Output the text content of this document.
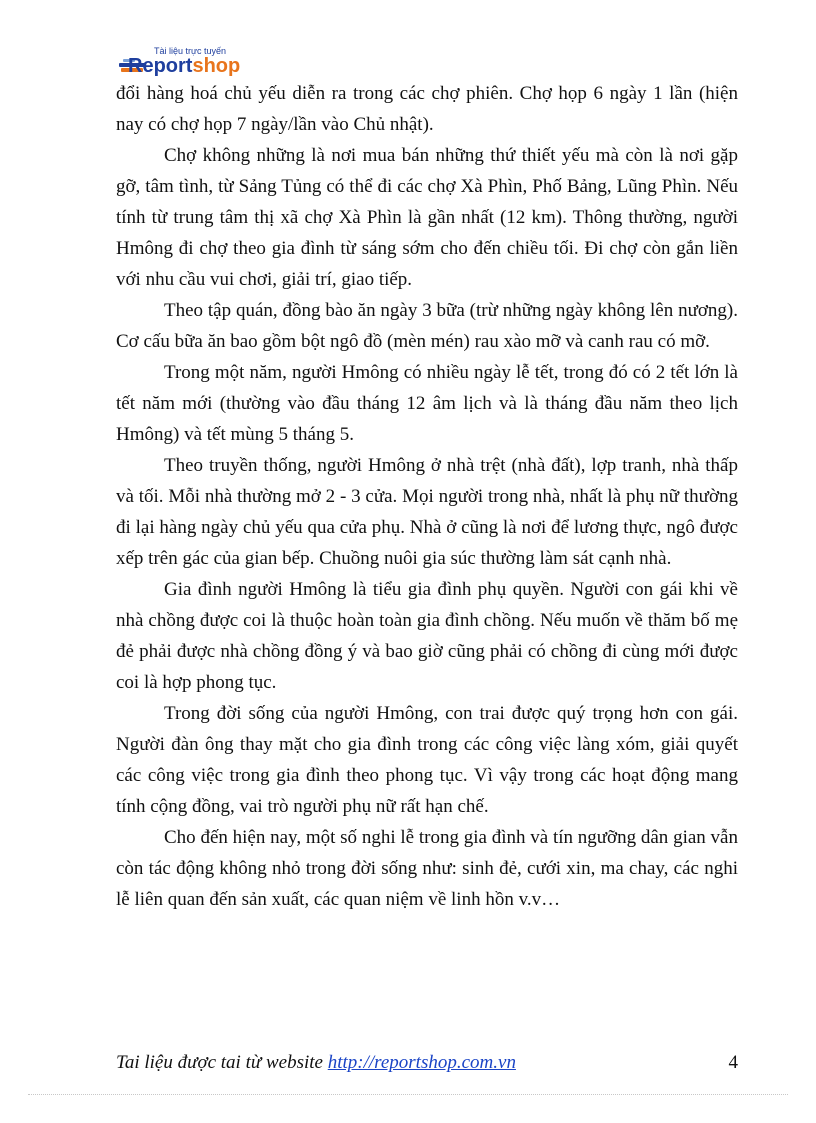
Tài liệu trực tuyến
Reportshop

đổi hàng hoá chủ yếu diễn ra trong các chợ phiên. Chợ họp 6 ngày 1 lần (hiện nay có chợ họp 7 ngày/lần vào Chủ nhật).

Chợ không những là nơi mua bán những thứ thiết yếu mà còn là nơi gặp gỡ, tâm tình, từ Sảng Tủng có thể đi các chợ Xà Phìn, Phố Bảng, Lũng Phìn. Nếu tính từ trung tâm thị xã chợ Xà Phìn là gần nhất (12 km). Thông thường, người Hmông đi chợ theo gia đình từ sáng sớm cho đến chiều tối. Đi chợ còn gắn liền với nhu cầu vui chơi, giải trí, giao tiếp.

Theo tập quán, đồng bào ăn ngày 3 bữa (trừ những ngày không lên nương). Cơ cấu bữa ăn bao gồm bột ngô đồ (mèn mén) rau xào mỡ và canh rau có mỡ.

Trong một năm, người Hmông có nhiều ngày lễ tết, trong đó có 2 tết lớn là tết năm mới (thường vào đầu tháng 12 âm lịch và là tháng đầu năm theo lịch Hmông) và tết mùng 5 tháng 5.

Theo truyền thống, người Hmông ở nhà trệt (nhà đất), lợp tranh, nhà thấp và tối. Mỗi nhà thường mở 2 - 3 cửa. Mọi người trong nhà, nhất là phụ nữ thường đi lại hàng ngày chủ yếu qua cửa phụ. Nhà ở cũng là nơi để lương thực, ngô được xếp trên gác của gian bếp. Chuồng nuôi gia súc thường làm sát cạnh nhà.

Gia đình người Hmông là tiểu gia đình phụ quyền. Người con gái khi về nhà chồng được coi là thuộc hoàn toàn gia đình chồng. Nếu muốn về thăm bố mẹ đẻ phải được nhà chồng đồng ý và bao giờ cũng phải có chồng đi cùng mới được coi là hợp phong tục.

Trong đời sống của người Hmông, con trai được quý trọng hơn con gái. Người đàn ông thay mặt cho gia đình trong các công việc làng xóm, giải quyết các công việc trong gia đình theo phong tục. Vì vậy trong các hoạt động mang tính cộng đồng, vai trò người phụ nữ rất hạn chế.

Cho đến hiện nay, một số nghi lễ trong gia đình và tín ngưỡng dân gian vẫn còn tác động không nhỏ trong đời sống như: sinh đẻ, cưới xin, ma chay, các nghi lễ liên quan đến sản xuất, các quan niệm về linh hồn v.v…

Tai liệu được tai từ website http://reportshop.com.vn	4
